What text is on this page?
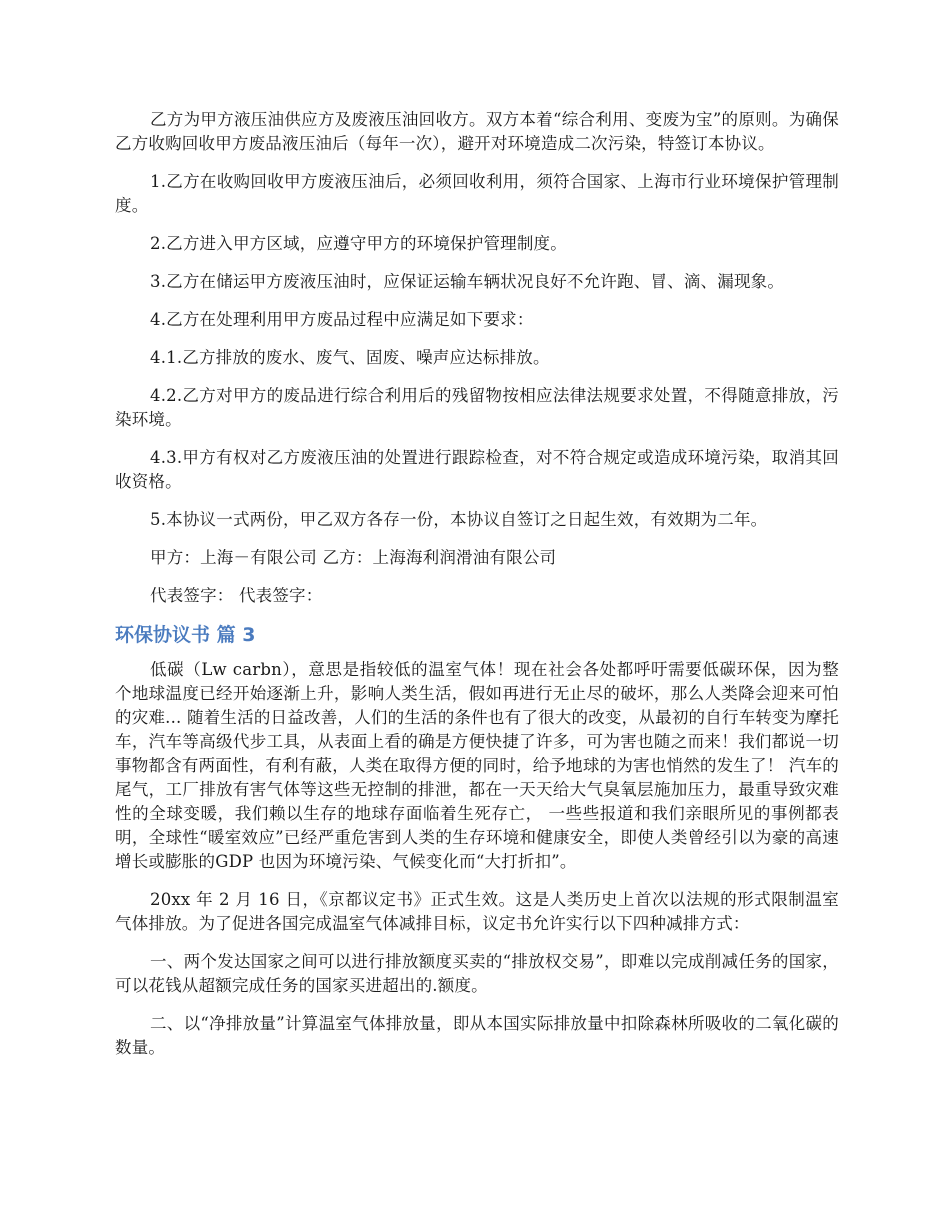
乙方为甲方液压油供应方及废液压油回收方。双方本着“综合利用、变废为宝”的原则。为确保乙方收购回收甲方废品液压油后（每年一次），避开对环境造成二次污染，特签订本协议。

1.乙方在收购回收甲方废液压油后，必须回收利用，须符合国家、上海市行业环境保护管理制度。

2.乙方进入甲方区域，应遵守甲方的环境保护管理制度。

3.乙方在储运甲方废液压油时，应保证运输车辆状况良好不允许跑、冒、滴、漏现象。

4.乙方在处理利用甲方废品过程中应满足如下要求：

4.1.乙方排放的废水、废气、固废、噪声应达标排放。

4.2.乙方对甲方的废品进行综合利用后的残留物按相应法律法规要求处置，不得随意排放，污染环境。

4.3.甲方有权对乙方废液压油的处置进行跟踪检查，对不符合规定或造成环境污染，取消其回收资格。

5.本协议一式两份，甲乙双方各存一份，本协议自签订之日起生效，有效期为二年。

甲方：上海－有限公司 乙方：上海海利润滑油有限公司

代表签字： 代表签字：

环保协议书 篇 3

低碳（Lw carbn），意思是指较低的温室气体！现在社会各处都呼吁需要低碳环保，因为整个地球温度已经开始逐渐上升，影响人类生活，假如再进行无止尽的破坏，那么人类降会迎来可怕的灾难... 随着生活的日益改善，人们的生活的条件也有了很大的改变，从最初的自行车转变为摩托车，汽车等高级代步工具，从表面上看的确是方便快捷了许多，可为害也随之而来！我们都说一切事物都含有两面性，有利有蔽，人类在取得方便的同时，给予地球的为害也悄然的发生了！ 汽车的尾气，工厂排放有害气体等这些无控制的排泄，都在一天天给大气臭氧层施加压力，最重导致灾难性的全球变暖，我们赖以生存的地球存面临着生死存亡， 一些些报道和我们亲眼所见的事例都表明，全球性“暖室效应”已经严重危害到人类的生存环境和健康安全，即使人类曾经引以为豪的高速增长或膨胀的GDP 也因为环境污染、气候变化而“大打折扣”。

20xx 年 2 月 16 日，《京都议定书》正式生效。这是人类历史上首次以法规的形式限制温室气体排放。为了促进各国完成温室气体减排目标，议定书允许实行以下四种减排方式：

一、两个发达国家之间可以进行排放额度买卖的“排放权交易”，即难以完成削减任务的国家，可以花钱从超额完成任务的国家买进超出的.额度。

二、以“净排放量”计算温室气体排放量，即从本国实际排放量中扣除森林所吸收的二氧化碳的数量。
